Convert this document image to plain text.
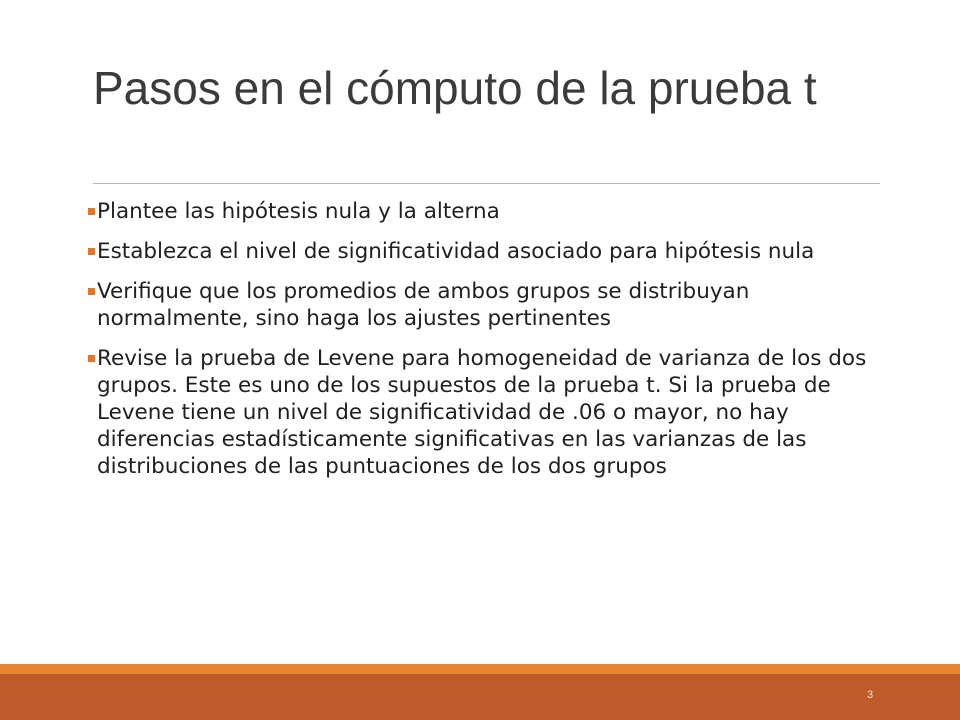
Pasos en el cómputo de la prueba t
Plantee las hipótesis nula y la alterna
Establezca el nivel de significatividad asociado para hipótesis nula
Verifique que los promedios de ambos grupos se distribuyan normalmente, sino haga los ajustes pertinentes
Revise la prueba de Levene para homogeneidad de varianza de los dos grupos. Este es uno de los supuestos de la prueba t. Si la prueba de Levene tiene un nivel de significatividad de .06 o mayor, no hay diferencias estadísticamente significativas en las varianzas de las distribuciones de las puntuaciones de los dos grupos
3
